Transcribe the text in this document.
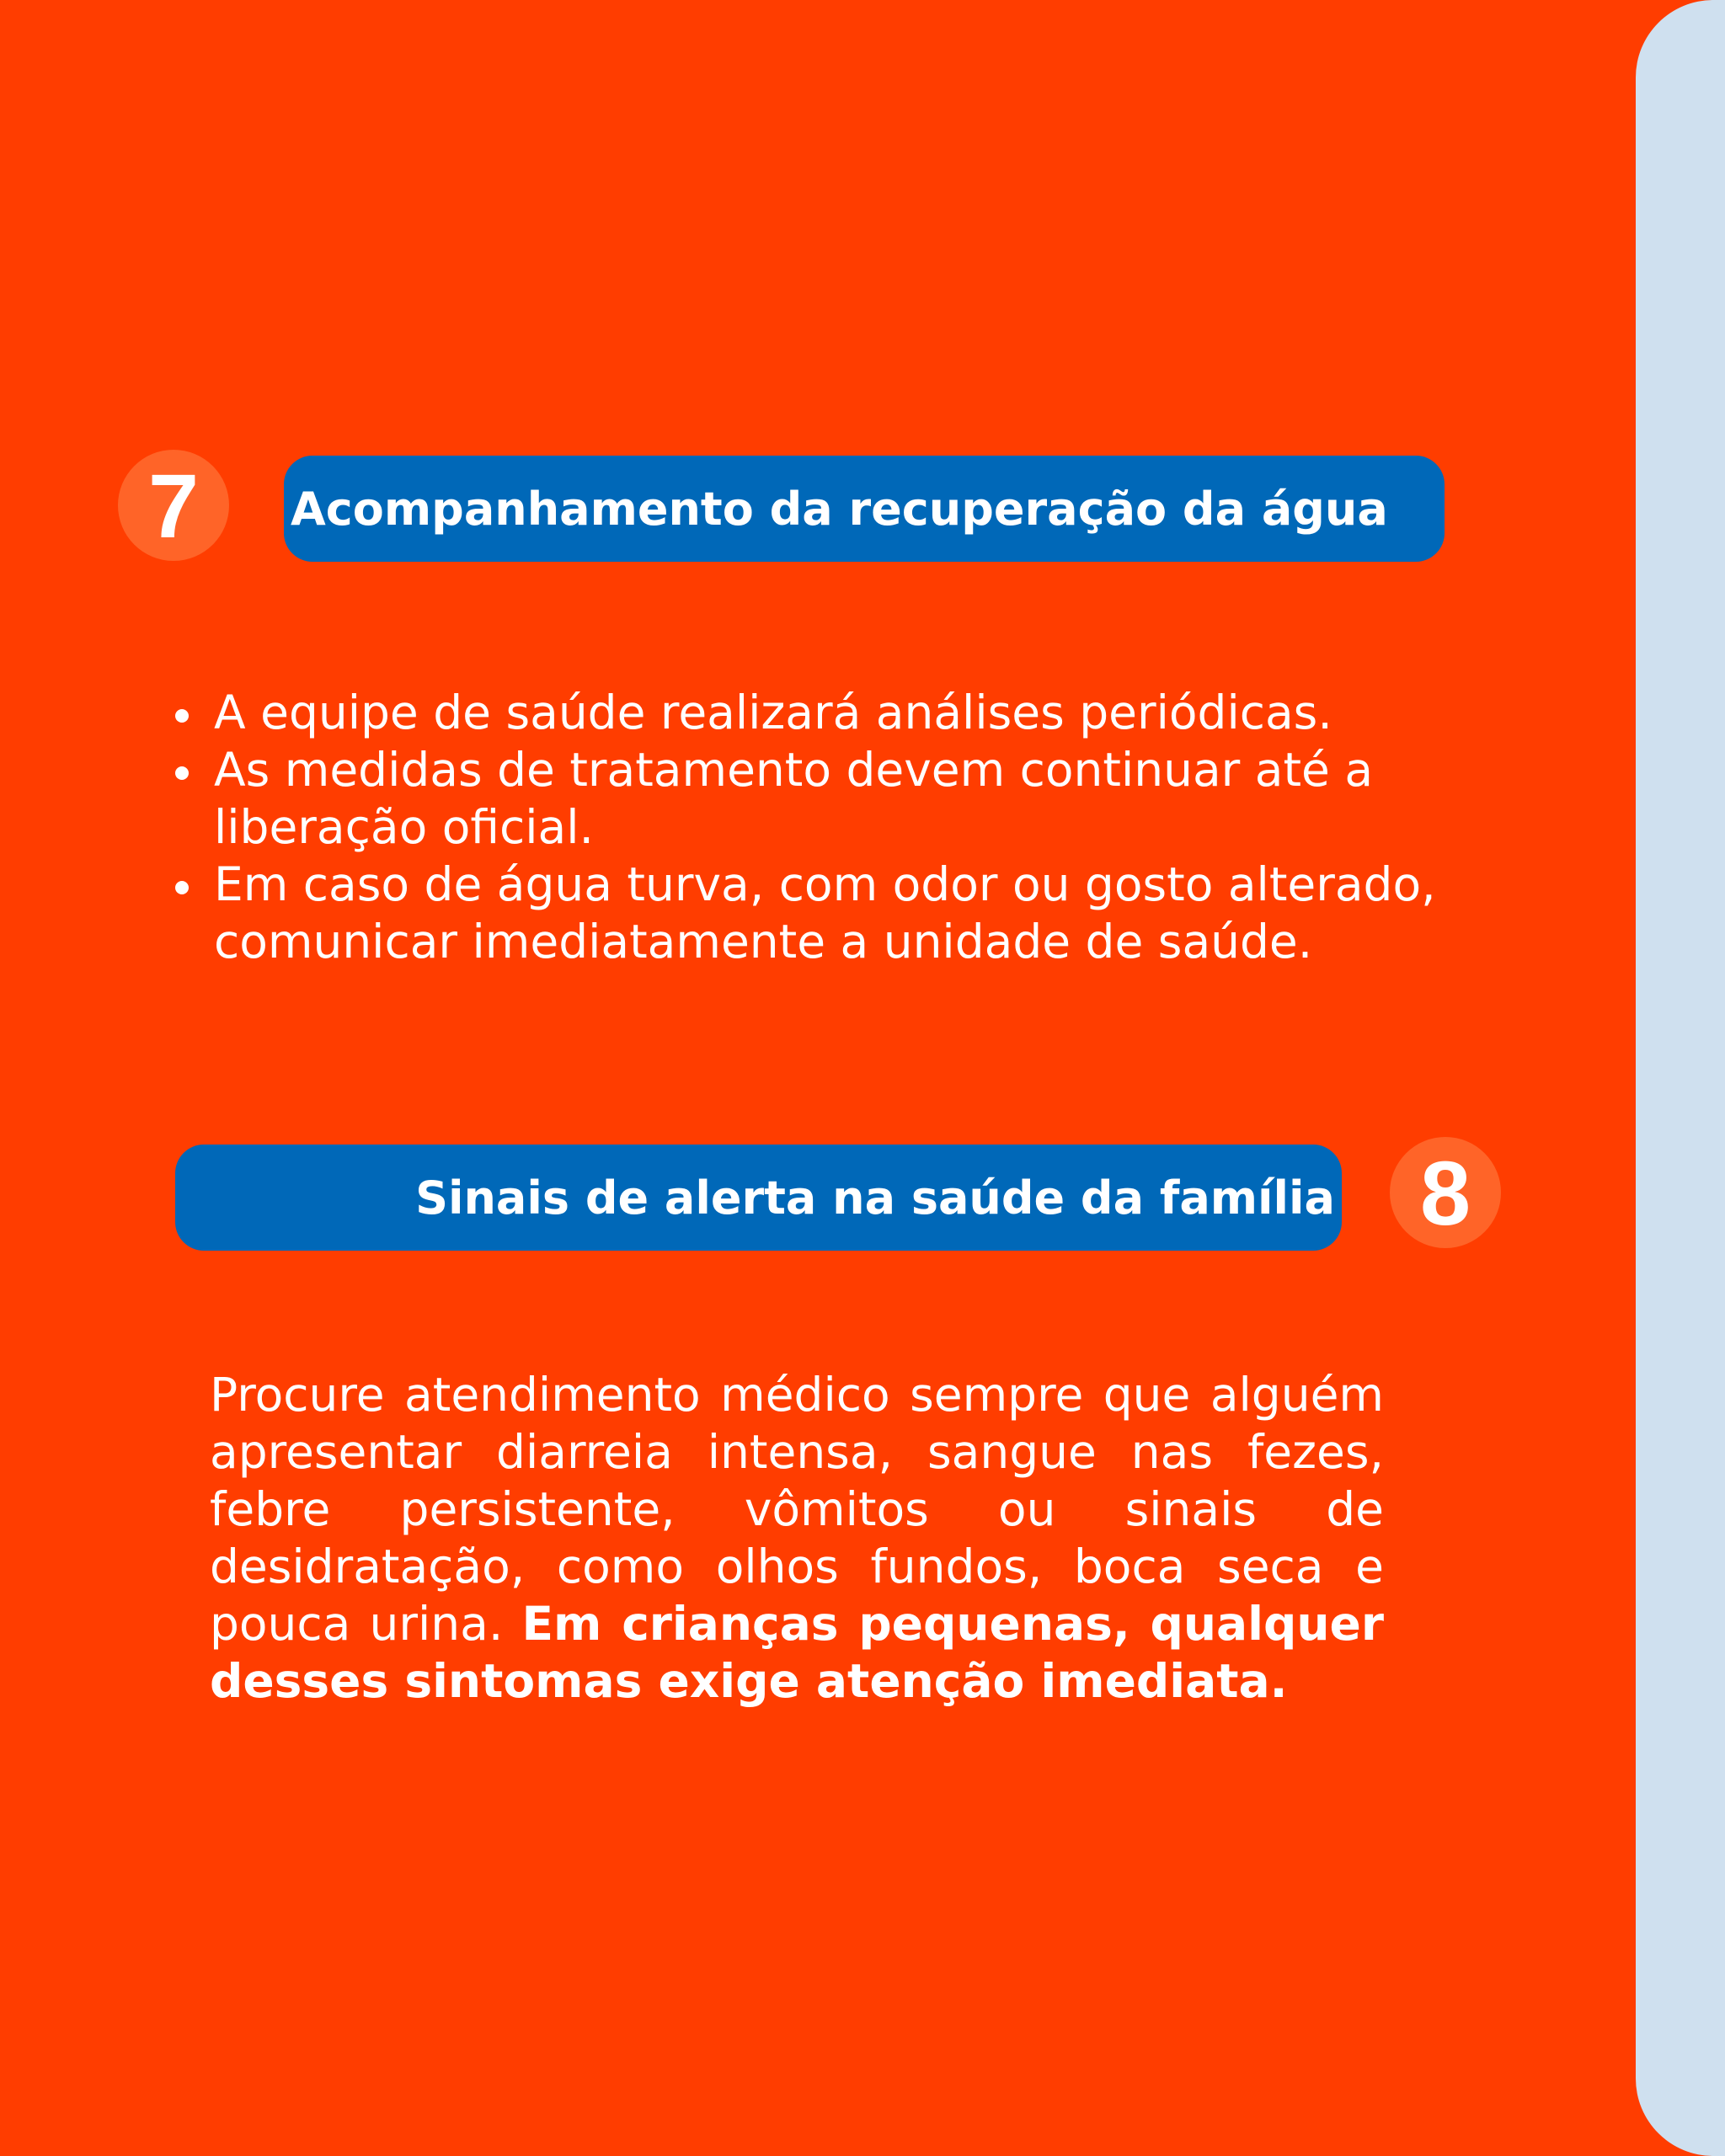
7	Acompanhamento da recuperação da água
A equipe de saúde realizará análises periódicas.
As medidas de tratamento devem continuar até a liberação oficial.
Em caso de água turva, com odor ou gosto alterado, comunicar imediatamente a unidade de saúde.
Sinais de alerta na saúde da família 8

Procure atendimento médico sempre que alguém apresentar diarreia intensa, sangue nas fezes, febre persistente, vômitos ou sinais de desidratação, como olhos fundos, boca seca e pouca urina. Em crianças pequenas, qualquer desses sintomas exige atenção imediata.
